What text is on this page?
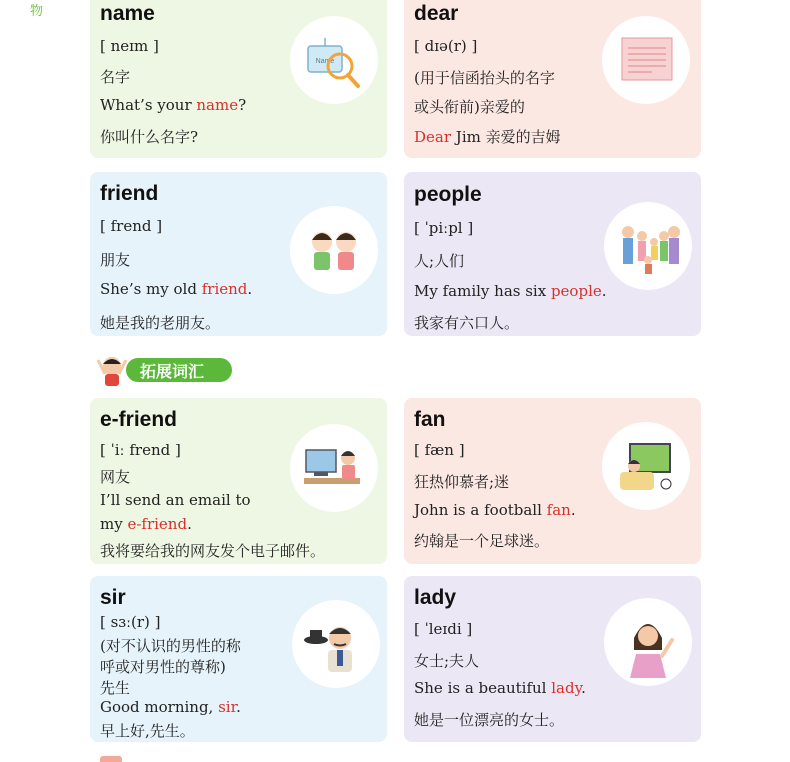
物	name
[ neɪm ]
名字
What’s your name?
你叫什么名字?
Name
dear
[ dɪə(r) ]
(用于信函抬头的名字
或头衔前)亲爱的
Dear Jim 亲爱的吉姆
friend
[ frend ]
朋友
She’s my old friend.
她是我的老朋友。
people
[ ˈpiːpl ]
人;人们
My family has six people.
我家有六口人。
拓展词汇
e-friend
[ ˈiː frend ]
网友
I’ll send an email to
my e-friend.
我将要给我的网友发个电子邮件。
fan
[ fæn ]
狂热仰慕者;迷
John is a football fan.
约翰是一个足球迷。
sir
[ sɜː(r) ]
(对不认识的男性的称
呼或对男性的尊称)
先生
Good morning, sir.
早上好,先生。
lady
[ ˈleɪdi ]
女士;夫人
She is a beautiful lady.
她是一位漂亮的女士。
